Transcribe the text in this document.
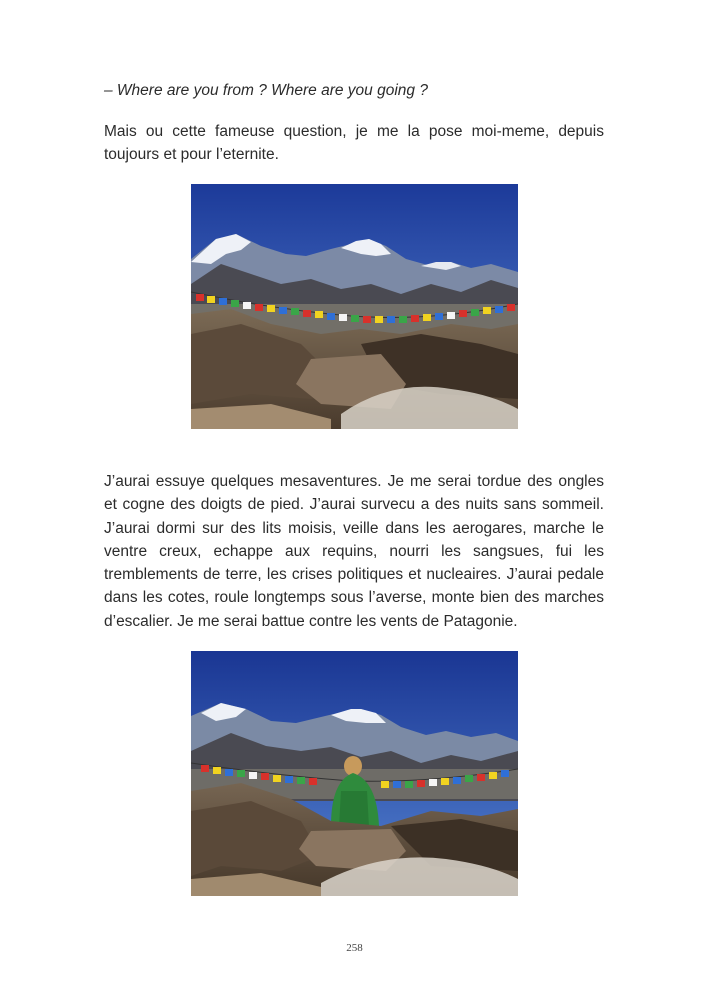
– Where are you from ? Where are you going ?

Mais ou cette fameuse question, je me la pose moi-meme, depuis toujours et pour l’eternite.

J’aurai essuye quelques mesaventures. Je me serai tordue des ongles et cogne des doigts de pied. J’aurai survecu a des nuits sans sommeil. J’aurai dormi sur des lits moisis, veille dans les aerogares, marche le ventre creux, echappe aux requins, nourri les sangsues, fui les tremblements de terre, les crises politiques et nucleaires. J’aurai pedale dans les cotes, roule longtemps sous l’averse, monte bien des marches d’escalier. Je me serai battue contre les vents de Patagonie.

258
